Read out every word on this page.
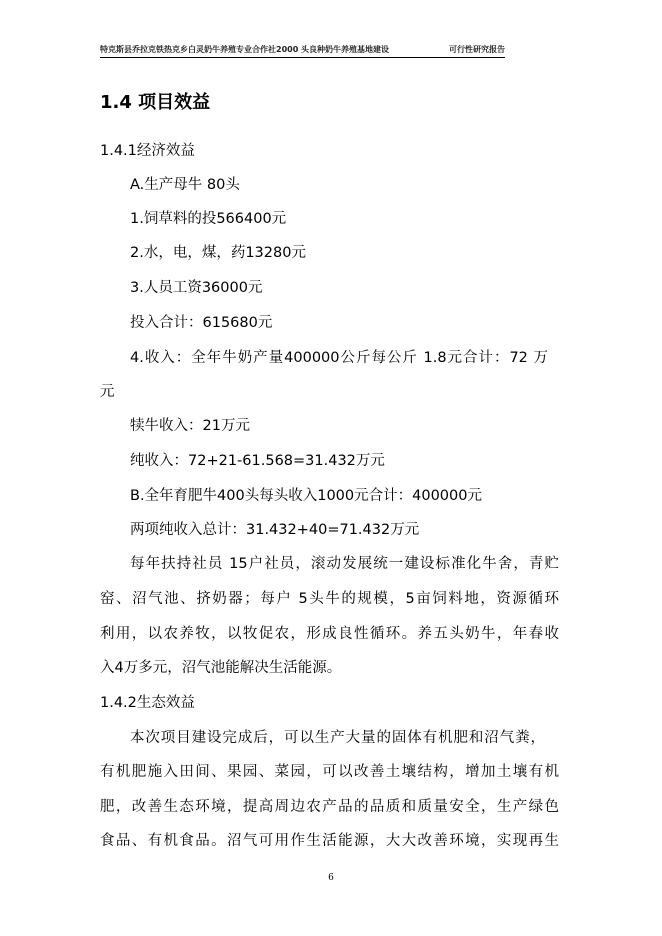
特克斯县乔拉克铁热克乡白灵奶牛养殖专业合作社2000 头良种奶牛养殖基地建设	可行性研究报告
1.4 项目效益
1.4.1经济效益
A.生产母牛 80头
1.饲草料的投566400元
2.水，电，煤，药13280元
3.人员工资36000元
投入合计：615680元
4.收入：全年牛奶产量400000公斤每公斤 1.8元合计：72 万
元
犊牛收入：21万元
纯收入：72+21-61.568=31.432万元
B.全年育肥牛400头每头收入1000元合计：400000元
两项纯收入总计：31.432+40=71.432万元
每年扶持社员 15户社员，滚动发展统一建设标准化牛舍，青贮
窑、沼气池、挤奶器；每户 5头牛的规模，5亩饲料地，资源循环
利用，以农养牧，以牧促农，形成良性循环。养五头奶牛，年春收
入4万多元，沼气池能解决生活能源。
1.4.2生态效益
本次项目建设完成后，可以生产大量的固体有机肥和沼气粪，
有机肥施入田间、果园、菜园，可以改善土壤结构，增加土壤有机
肥，改善生态环境，提高周边农产品的品质和质量安全，生产绿色
食品、有机食品。沼气可用作生活能源，大大改善环境，实现再生
6
